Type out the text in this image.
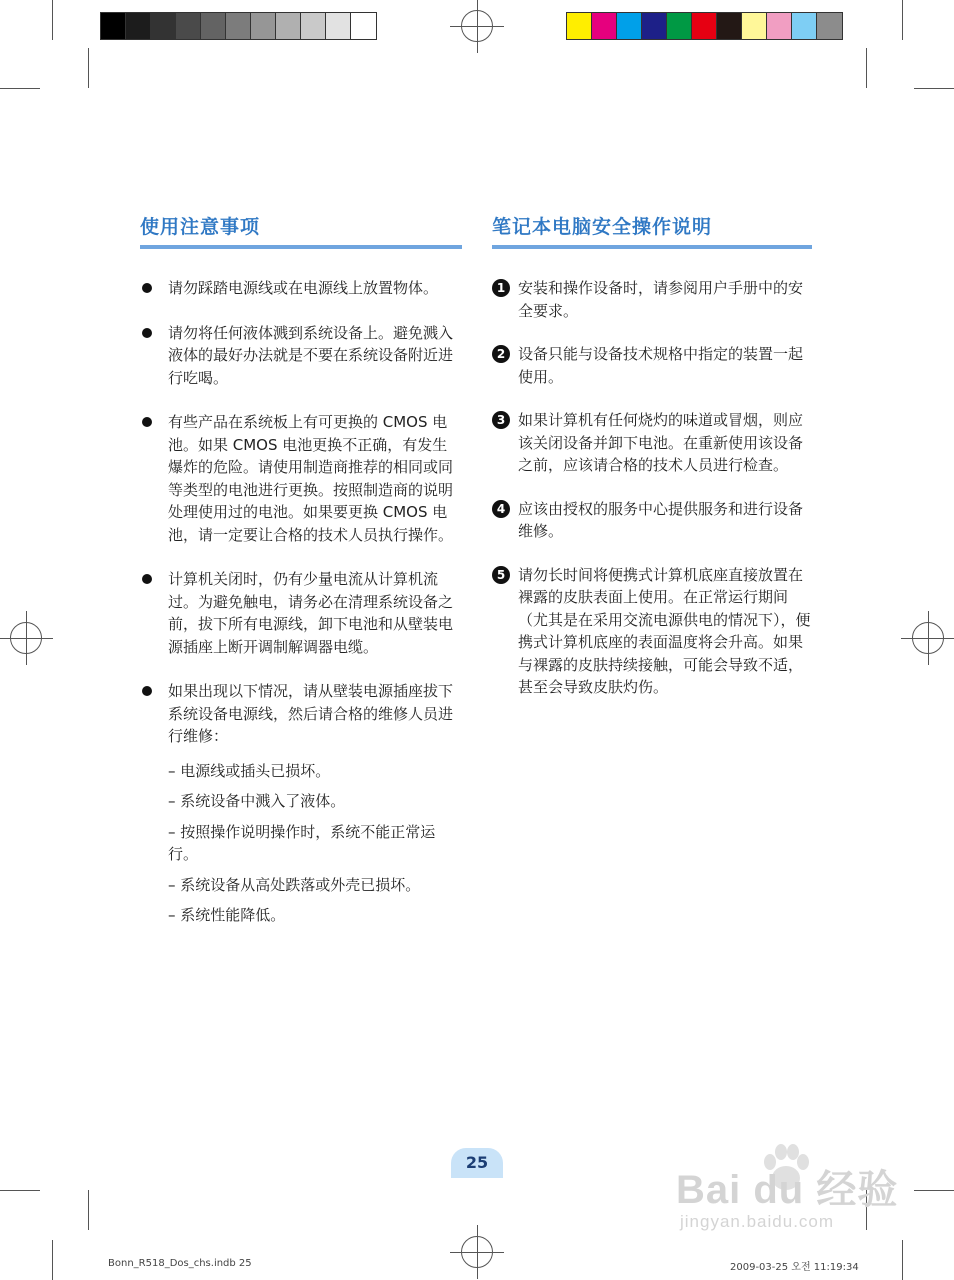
使用注意事项
请勿踩踏电源线或在电源线上放置物体。
请勿将任何液体溅到系统设备上。避免溅入液体的最好办法就是不要在系统设备附近进行吃喝。
有些产品在系统板上有可更换的 CMOS 电池。如果 CMOS 电池更换不正确，有发生爆炸的危险。请使用制造商推荐的相同或同等类型的电池进行更换。按照制造商的说明处理使用过的电池。如果要更换 CMOS 电池，请一定要让合格的技术人员执行操作。
计算机关闭时，仍有少量电流从计算机流过。为避免触电，请务必在清理系统设备之前，拔下所有电源线，卸下电池和从壁装电源插座上断开调制解调器电缆。
如果出现以下情况，请从壁装电源插座拔下系统设备电源线，然后请合格的维修人员进行维修：
– 电源线或插头已损坏。
– 系统设备中溅入了液体。
– 按照操作说明操作时，系统不能正常运行。
– 系统设备从高处跌落或外壳已损坏。
– 系统性能降低。
笔记本电脑安全操作说明
1 安装和操作设备时，请参阅用户手册中的安全要求。
2 设备只能与设备技术规格中指定的装置一起使用。
3 如果计算机有任何烧灼的味道或冒烟，则应该关闭设备并卸下电池。在重新使用该设备之前，应该请合格的技术人员进行检查。
4 应该由授权的服务中心提供服务和进行设备维修。
5 请勿长时间将便携式计算机底座直接放置在裸露的皮肤表面上使用。在正常运行期间（尤其是在采用交流电源供电的情况下），便携式计算机底座的表面温度将会升高。如果与裸露的皮肤持续接触，可能会导致不适，甚至会导致皮肤灼伤。
25
Bai du 经验
jingyan.baidu.com
Bonn_R518_Dos_chs.indb 25	2009-03-25 오전 11:19:34
